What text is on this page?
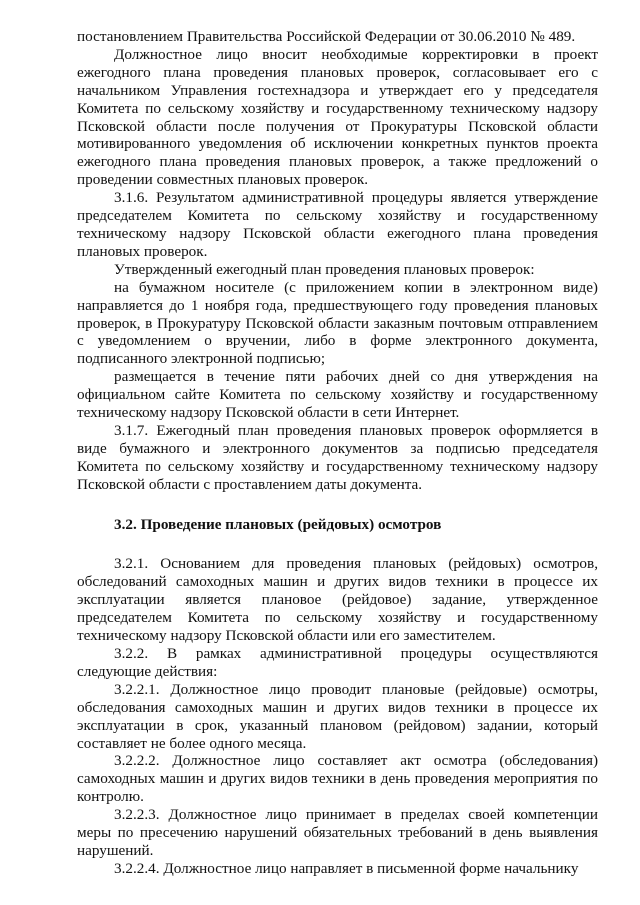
постановлением Правительства Российской Федерации от 30.06.2010 № 489.

Должностное лицо вносит необходимые корректировки в проект ежегодного плана проведения плановых проверок, согласовывает его с начальником Управления гостехнадзора и утверждает его у председателя Комитета по сельскому хозяйству и государственному техническому надзору Псковской области после получения от Прокуратуры Псковской области мотивированного уведомления об исключении конкретных пунктов проекта ежегодного плана проведения плановых проверок, а также предложений о проведении совместных плановых проверок.

3.1.6. Результатом административной процедуры является утверждение председателем Комитета по сельскому хозяйству и государственному техническому надзору Псковской области ежегодного плана проведения плановых проверок.

Утвержденный ежегодный план проведения плановых проверок:

на бумажном носителе (с приложением копии в электронном виде) направляется до 1 ноября года, предшествующего году проведения плановых проверок, в Прокуратуру Псковской области заказным почтовым отправлением с уведомлением о вручении, либо в форме электронного документа, подписанного электронной подписью;

размещается в течение пяти рабочих дней со дня утверждения на официальном сайте Комитета по сельскому хозяйству и государственному техническому надзору Псковской области в сети Интернет.

3.1.7. Ежегодный план проведения плановых проверок оформляется в виде бумажного и электронного документов за подписью председателя Комитета по сельскому хозяйству и государственному техническому надзору Псковской области с проставлением даты документа.

3.2. Проведение плановых (рейдовых) осмотров

3.2.1. Основанием для проведения плановых (рейдовых) осмотров, обследований самоходных машин и других видов техники в процессе их эксплуатации является плановое (рейдовое) задание, утвержденное председателем Комитета по сельскому хозяйству и государственному техническому надзору Псковской области или его заместителем.

3.2.2. В рамках административной процедуры осуществляются следующие действия:

3.2.2.1. Должностное лицо проводит плановые (рейдовые) осмотры, обследования самоходных машин и других видов техники в процессе их эксплуатации в срок, указанный плановом (рейдовом) задании, который составляет не более одного месяца.

3.2.2.2. Должностное лицо составляет акт осмотра (обследования) самоходных машин и других видов техники в день проведения мероприятия по контролю.

3.2.2.3. Должностное лицо принимает в пределах своей компетенции меры по пресечению нарушений обязательных требований в день выявления нарушений.

3.2.2.4. Должностное лицо направляет в письменной форме начальнику
